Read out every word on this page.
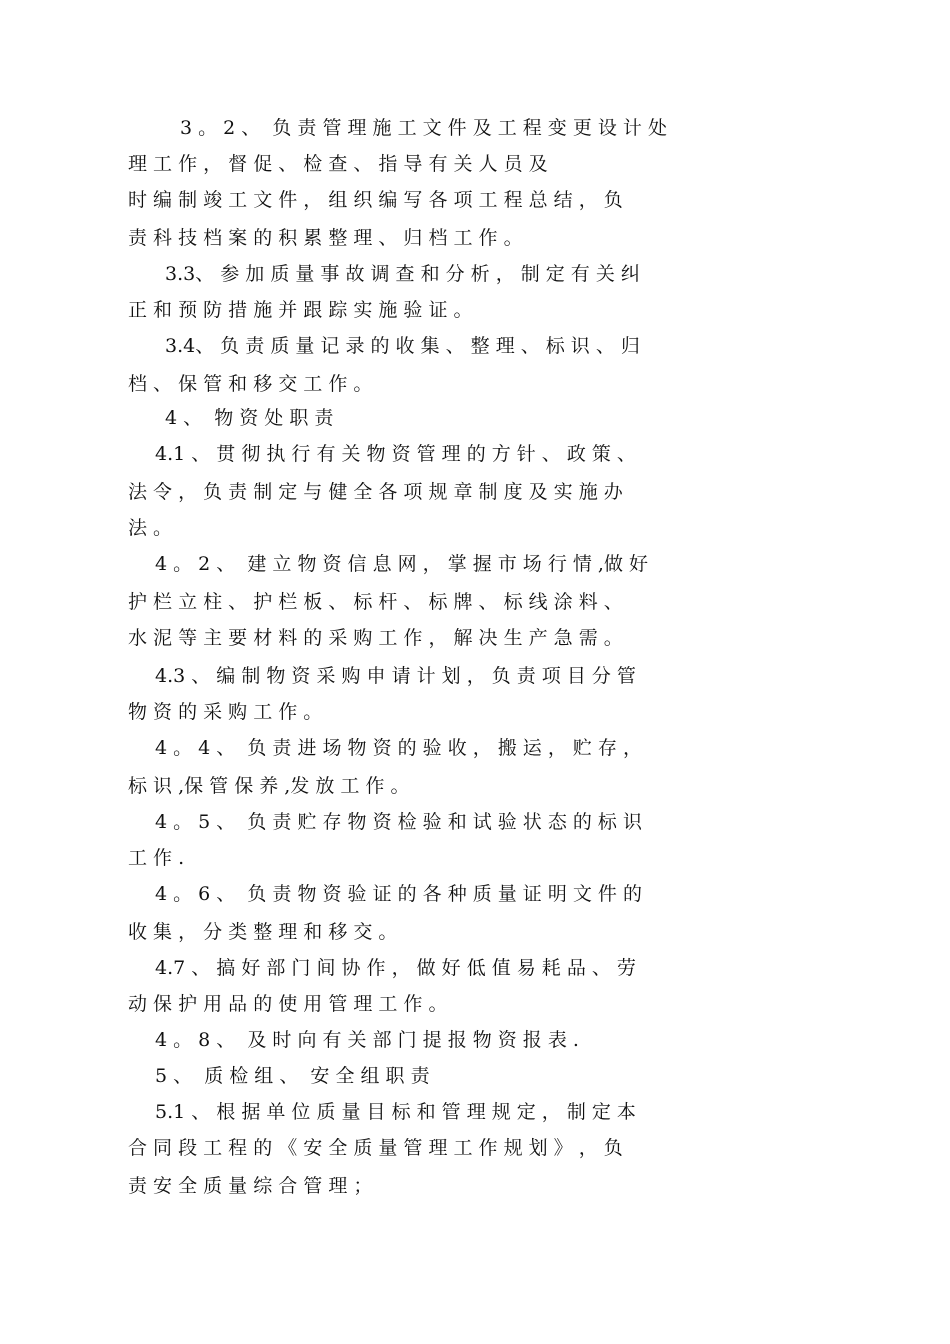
3 。 2 、  负 责 管 理 施 工 文 件 及 工 程 变 更 设 计 处
理 工 作 ， 督 促 、 检 查 、 指 导 有 关 人 员 及
时 编 制 竣 工 文 件 ， 组 织 编 写 各 项 工 程 总 结 ， 负
责 科 技 档 案 的 积 累 整 理 、 归 档 工 作 。
3.3、 参 加 质 量 事 故 调 查 和 分 析 ， 制 定 有 关 纠
正 和 预 防 措 施 并 跟 踪 实 施 验 证 。
3.4、 负 责 质 量 记 录 的 收 集 、 整 理 、 标 识 、 归
档 、 保 管 和 移 交 工 作 。
4 、  物 资 处 职 责
4.1 、 贯 彻 执 行 有 关 物 资 管 理 的 方 针 、 政 策 、
法 令 ， 负 责 制 定 与 健 全 各 项 规 章 制 度 及 实 施 办
法 。
4 。 2 、  建 立 物 资 信 息 网 ， 掌 握 市 场 行 情 ,做 好
护 栏 立 柱 、 护 栏 板 、 标 杆 、 标 牌 、 标 线 涂 料 、
水 泥 等 主 要 材 料 的 采 购 工 作 ， 解 决 生 产 急 需 。
4.3 、 编 制 物 资 采 购 申 请 计 划 ， 负 责 项 目 分 管
物 资 的 采 购 工 作 。
4 。 4 、  负 责 进 场 物 资 的 验 收 ， 搬 运 ， 贮 存 ，
标 识 ,保 管 保 养 ,发 放 工 作 。
4 。 5 、  负 责 贮 存 物 资 检 验 和 试 验 状 态 的 标 识
工 作 .
4 。 6 、  负 责 物 资 验 证 的 各 种 质 量 证 明 文 件 的
收 集 ， 分 类 整 理 和 移 交 。
4.7 、 搞 好 部 门 间 协 作 ， 做 好 低 值 易 耗 品 、 劳
动 保 护 用 品 的 使 用 管 理 工 作 。
4 。 8 、  及 时 向 有 关 部 门 提 报 物 资 报 表 .
5 、  质 检 组 、  安 全 组 职 责
5.1 、 根 据 单 位 质 量 目 标 和 管 理 规 定 ， 制 定 本
合 同 段 工 程 的 《 安 全 质 量 管 理 工 作 规 划 》 ， 负
责 安 全 质 量 综 合 管 理 ；
